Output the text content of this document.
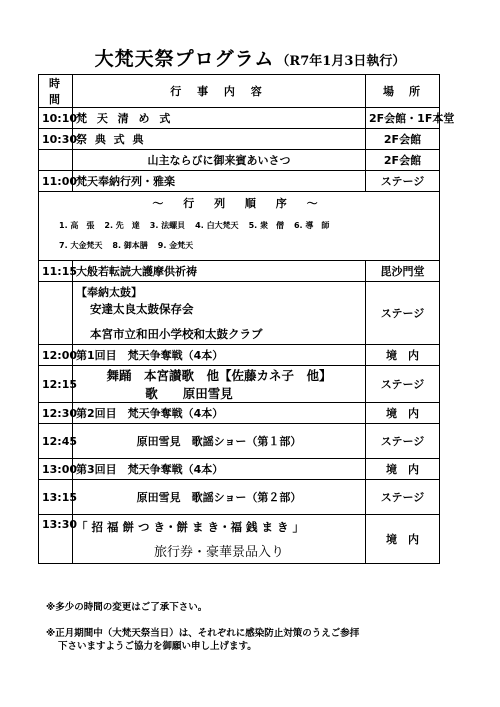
大梵天祭プログラム （R7年1月3日執行）
時　間	行 事 内 容	場　所
10:10	梵 天 清 め 式	2F会館・1F本堂
10:30	祭 典 式 典	2F会館
	山主ならびに御来賓あいさつ	2F会館
11:00	梵天奉納行列・雅楽	ステージ

～ 行 列 順 序 ～
1. 高　張 2. 先　達 3. 法螺貝 4. 白大梵天 5. 衆　僧 6. 導　師
7. 大金梵天 8. 御本膳 9. 金梵天		

11:15	大般若転読大護摩供祈祷	毘沙門堂

	【奉納太鼓】
安達太良太鼓保存会
本宮市立和田小学校和太鼓クラブ	ステージ
12:00	第1回目　梵天争奪戦（4本）	境　内
12:15	舞踊　本宮讃歌　他【佐藤カネ子　他】
歌　　原田雪見	ステージ
12:30	第2回目　梵天争奪戦（4本）	境　内
12:45	原田雪見　歌謡ショー（第１部）	ステージ
13:00	第3回目　梵天争奪戦（4本）	境　内
13:15	原田雪見　歌謡ショー（第２部）	ステージ
13:30	「 招 福 餅 つ き・餅 ま き・福 銭 ま き 」
旅行券・豪華景品入り	境　内
※多少の時間の変更はご了承下さい。
※正月期間中（大梵天祭当日）は、それぞれに感染防止対策のうえご参拝
下さいますようご協力を御願い申し上げます。
